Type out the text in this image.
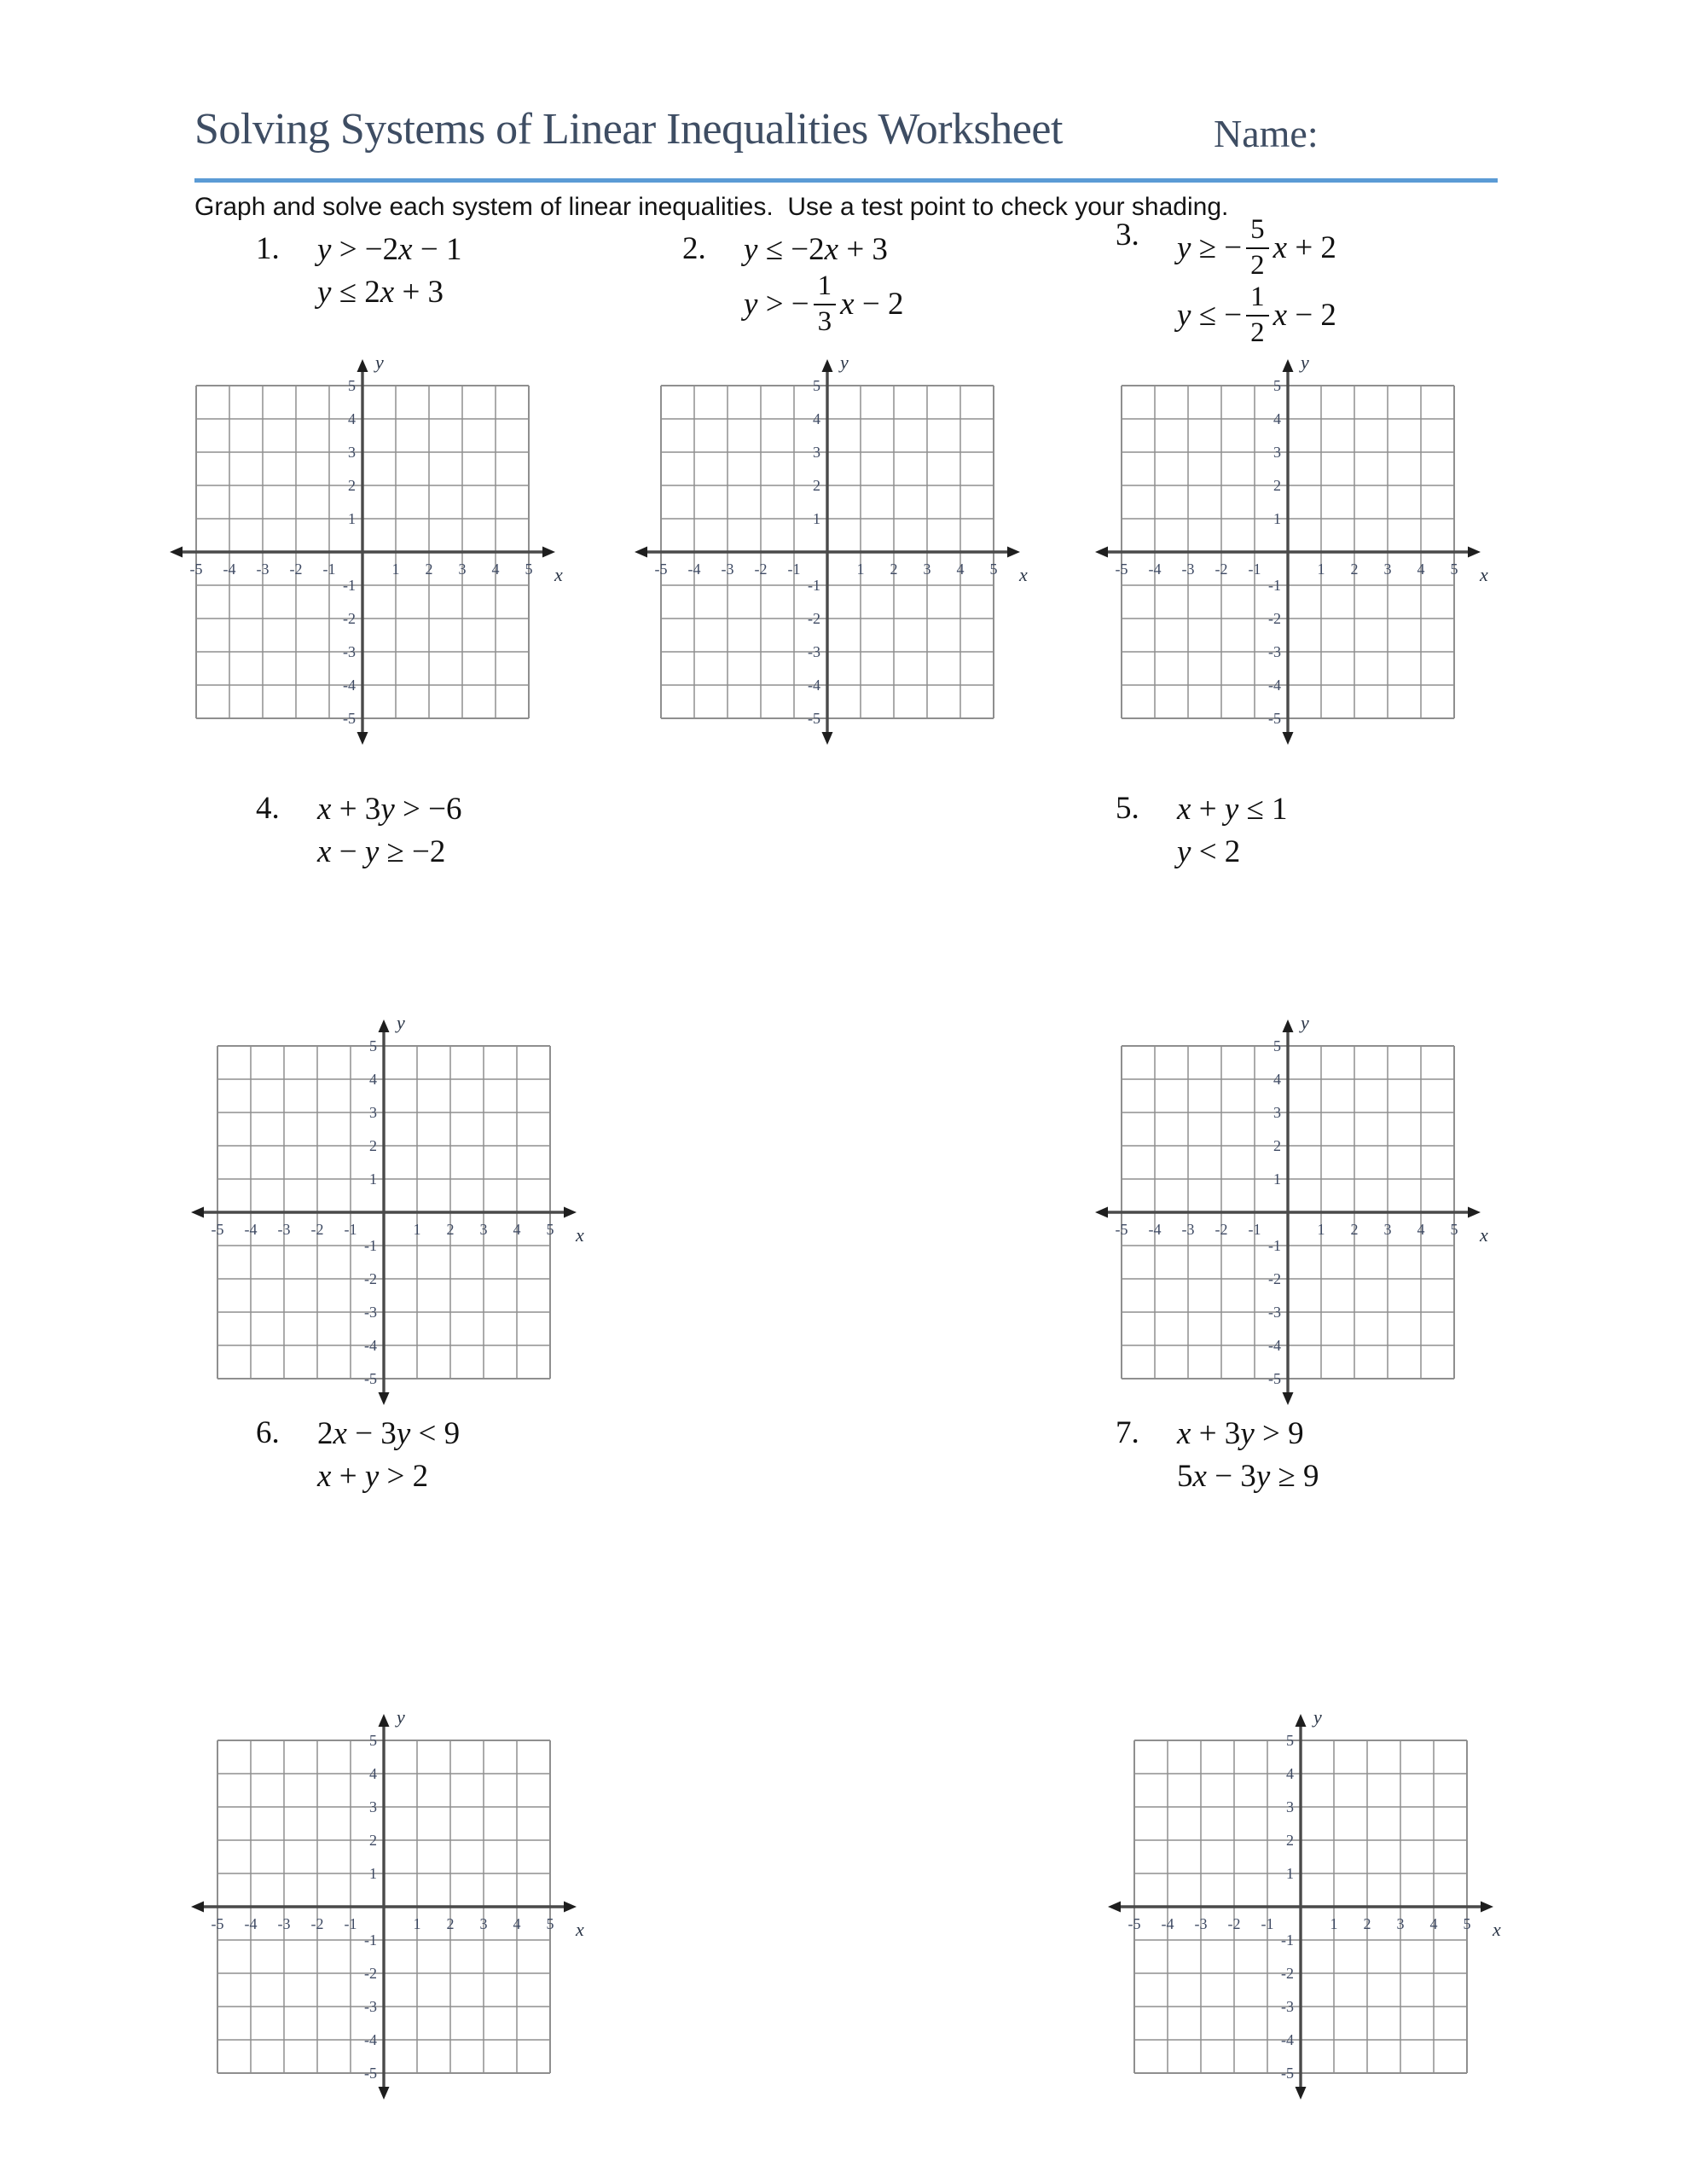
Solving Systems of Linear Inequalities Worksheet	Name:
Graph and solve each system of linear inequalities.  Use a test point to check your shading.
1.	y > −2 x − 1
y ≤ 2 x + 3
2.	y ≤ −2 x + 3
y > − $\frac{1}{3}$ x − 2
3.	y ≥ − $\frac{5}{2}$ x + 2
y ≤ − $\frac{1}{2}$ x − 2
4.	x + 3 y > −6
x − y ≥ −2
5.	x + y ≤ 1
y < 2
6.	2 x − 3 y < 9
x + y > 2
7.	x + 3 y > 9
5 x − 3 y ≥ 9
-5 -4 -3 -2 -1	1 2 3 4 5
5
4
3
2
1
-1
-2
-3
-4
-5
y
x	-5 -4 -3 -2 -1	1 2 3 4 5
5
4
3
2
1
-1
-2
-3
-4
-5
y
x	-5 -4 -3 -2 -1	1 2 3 4 5
5
4
3
2
1
-1
-2
-3
-4
-5
y
x
-5 -4 -3 -2 -1	1 2 3 4 5
5
4
3
2
1
-1
-2
-3
-4
-5
y
x	-5 -4 -3 -2 -1	1 2 3 4 5
5
4
3
2
1
-1
-2
-3
-4
-5
y
x
-5 -4 -3 -2 -1	1 2 3 4 5
5
4
3
2
1
-1
-2
-3
-4
-5
y
x	-5 -4 -3 -2 -1	1 2 3 4 5
5
4
3
2
1
-1
-2
-3
-4
-5
y
x
